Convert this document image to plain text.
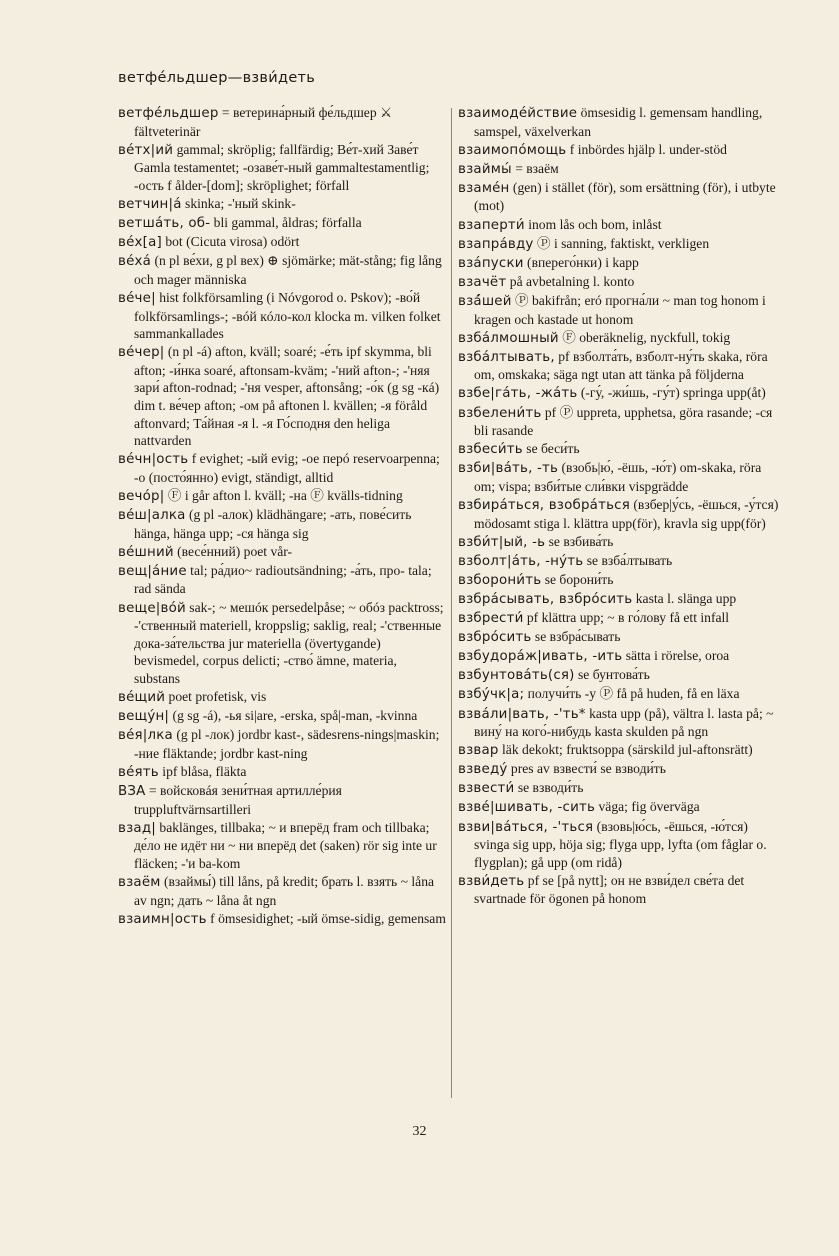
ветфе́льдшер—взви́деть
ветфе́льдшер = ветерина́рный фе́льдшер ⚔ fältveterinär
ве́тх|ий gammal; skröplig; fallfärdig; Ве́т-хий Заве́т Gamla testamentet; -озаве́т-ный gammaltestamentlig; -ость f ålder-[dom]; skröplighet; förfall
ветчин|á skinka; -'ный skink-
ветша́ть, об- bli gammal, åldras; förfalla
ве́х[а] bot (Cicuta virosa) odört
ве́ха́ (n pl ве́хи, g pl вех) ⊕ sjömärke; mät-stång; fig lång och mager människa
ве́че| hist folkförsamling (i Nóvgorod o. Pskov); -во́й folkförsamlings-; -вóй кóло-кол klocka m. vilken folket sammankallades
ве́чер| (n pl -á) afton, kväll; soaré; -е́ть ipf skymma, bli afton; -и́нка soaré, aftonsam-kväm; -'ний afton-; -'няя зари́ afton-rodnad; -'ня vesper, aftonsång; -о́к (g sg -кá) dim t. ве́чер afton; -ом på aftonen l. kvällen; -я föråld aftonvard; Та́йная -я l. -я Го́сподня den heliga nattvarden
ве́чн|ость f evighet; -ый evig; -ое перó reservoarpenna; -о (посто́янно) evigt, ständigt, alltid
вечо́р| Ⓕ i går afton l. kväll; -на Ⓕ kvälls-tidning
ве́ш|алка (g pl -алок) klädhängare; -ать, пове́сить hänga, hänga upp; -ся hänga sig
ве́шний (весе́нний) poet vår-
вещ|а́ние tal; ра́дио~ radioutsändning; -а́ть, про- tala; rad sända
веще|во́й sak-; ~ мешóк persedelpåse; ~ обóз packtross; -'ственный materiell, kroppslig; saklig, real; -'ственные дока-за́тельства jur materiella (övertygande) bevismedel, corpus delicti; -ство́ ämne, materia, substans
ве́щий poet profetisk, vis
вещу́н| (g sg -á), -ья si|are, -erska, spå|-man, -kvinna
ве́я|лка (g pl -лок) jordbr kast-, sädesrens-nings|maskin; -ние fläktande; jordbr kast-ning
ве́ять ipf blåsa, fläkta
ВЗА = войсковáя зени́тная артилле́рия truppluftvärnsartilleri
взад| baklänges, tillbaka; ~ и вперёд fram och tillbaka; де́ло не идёт ни ~ ни вперёд det (saken) rör sig inte ur fläcken; -'и ba-kom
взаём (взаймы́) till låns, på kredit; брать l. взять ~ låna av ngn; дать ~ låna åt ngn
взаимн|ость f ömsesidighet; -ый ömse-sidig, gemensam
взаимоде́йствие ömsesidig l. gemensam handling, samspel, växelverkan
взаимопо́мощь f inbördes hjälp l. under-stöd
взаймы́ = взаём
взаме́н (gen) i stället (för), som ersättning (för), i utbyte (mot)
взаперти́ inom lås och bom, inlåst
взапра́вду Ⓟ i sanning, faktiskt, verkligen
вза́пуски (вперего́нки) i kapp
взачёт på avbetalning l. konto
взá́шей Ⓟ bakifrån; eró прогна́ли ~ man tog honom i kragen och kastade ut honom
взба́лмошный Ⓕ oberäknelig, nyckfull, tokig
взба́лтывать, pf взболта́ть, взболт-ну́ть skaka, röra om, omskaka; säga ngt utan att tänka på följderna
взбе|га́ть, -жа́ть (-гу́, -жи́шь, -гу́т) springa upp(åt)
взбелени́ть pf Ⓟ uppreta, upphetsa, göra rasande; -ся bli rasande
взбеси́ть se беси́ть
взби|ва́ть, -ть (взобь|ю́, -ёшь, -ю́т) om-skaka, röra om; vispa; взби́тые сли́вки vispgrädde
взбира́ться, взобра́ться (взбер|у́сь, -ёшься, -у́тся) mödosamt stiga l. klättra upp(för), kravla sig upp(för)
взби́т|ый, -ь se взбива́ть
взболт|а́ть, -ну́ть se взба́лтывать
взборони́ть se борони́ть
взбра́сывать, взбро́сить kasta l. slänga upp
взбрести́ pf klättra upp; ~ в го́лову få ett infall
взбро́сить se взбра́сывать
взбудора́ж|ивать, -ить sätta i rörelse, oroa
взбунтова́ть(ся) se бунтова́ть
взбу́чк|а; получи́ть -у Ⓟ få på huden, få en läxa
взва́ли|вать, -'ть* kasta upp (på), vältra l. lasta på; ~ вину́ на кого́-нибудь kasta skulden på ngn
взвар läk dekokt; fruktsoppa (särskild jul-aftonsrätt)
взведу́ pres av взвести́ se взводи́ть
взвести́ se взводи́ть
взве́|шивать, -сить väga; fig överväga
взви|ва́ться, -'ться (взовь|ю́сь, -ёшься, -ю́тся) svinga sig upp, höja sig; flyga upp, lyfta (om fåglar o. flygplan); gå upp (om ridå)
взви́деть pf se [på nytt]; он не взви́дел све́та det svartnade för ögonen på honom
32
